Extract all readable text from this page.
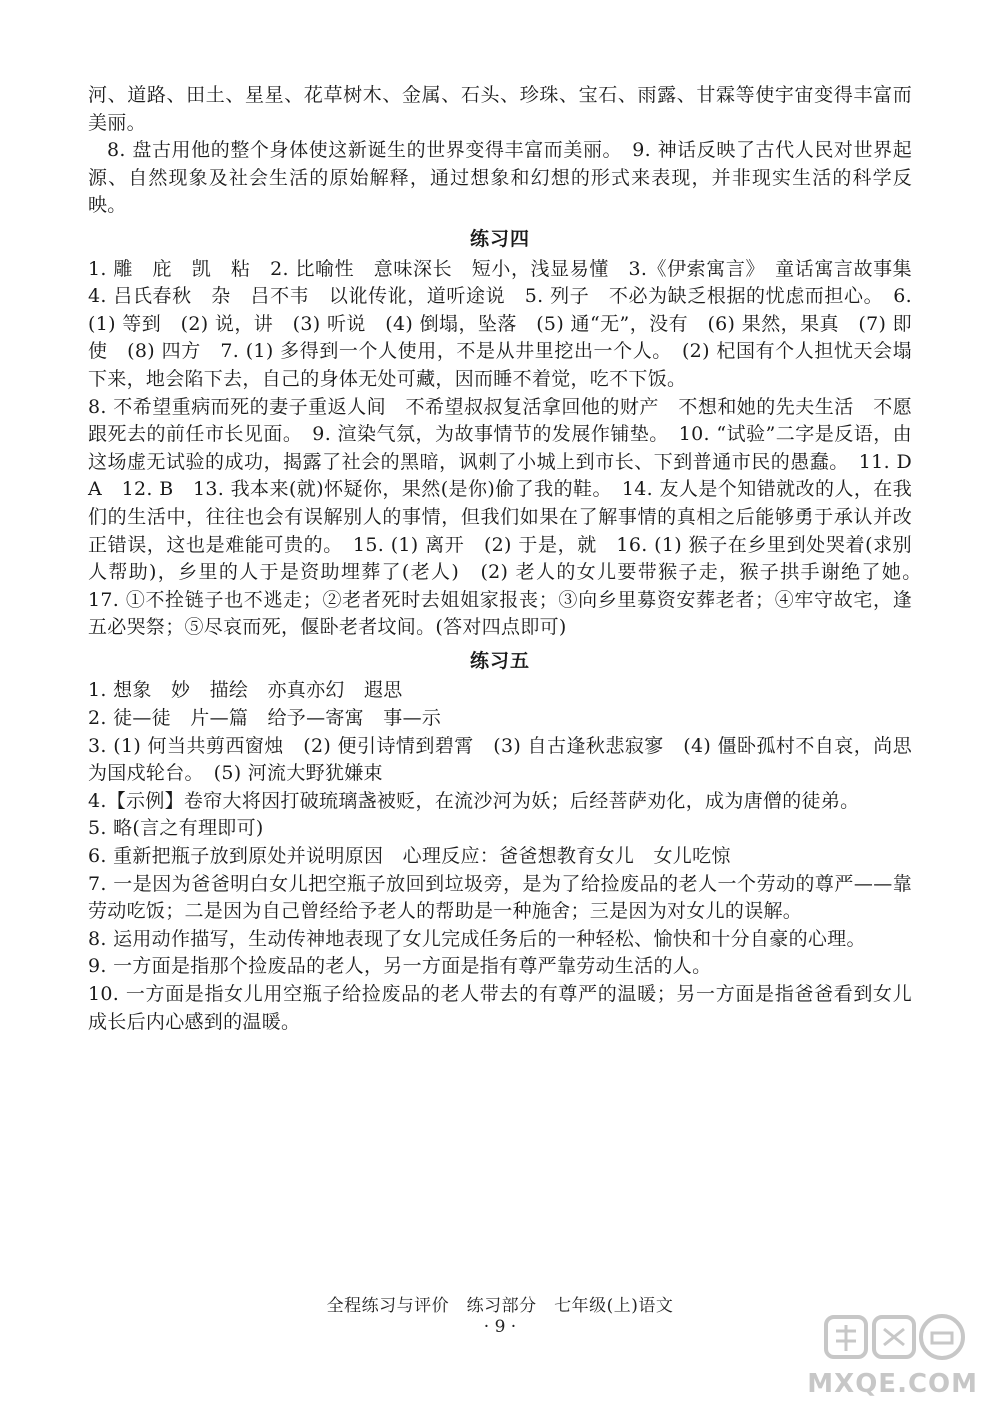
河、道路、田土、星星、花草树木、金属、石头、珍珠、宝石、雨露、甘霖等使宇宙变得丰富而美丽。

8. 盘古用他的整个身体使这新诞生的世界变得丰富而美丽。　9. 神话反映了古代人民对世界起源、自然现象及社会生活的原始解释，通过想象和幻想的形式来表现，并非现实生活的科学反映。

练习四

1. 雕　庇　凯　粘　2. 比喻性　意味深长　短小，浅显易懂　3.《伊索寓言》　童话寓言故事集　4. 吕氏春秋　杂　吕不韦　以讹传讹，道听途说　5. 列子　不必为缺乏根据的忧虑而担心。　6. (1) 等到　(2) 说，讲　(3) 听说　(4) 倒塌，坠落　(5) 通“无”，没有　(6) 果然，果真　(7) 即使　(8) 四方　7. (1) 多得到一个人使用，不是从井里挖出一个人。　(2) 杞国有个人担忧天会塌下来，地会陷下去，自己的身体无处可藏，因而睡不着觉，吃不下饭。

8. 不希望重病而死的妻子重返人间　不希望叔叔复活拿回他的财产　不想和她的先夫生活　不愿跟死去的前任市长见面。　9. 渲染气氛，为故事情节的发展作铺垫。　10. “试验”二字是反语，由这场虚无试验的成功，揭露了社会的黑暗，讽刺了小城上到市长、下到普通市民的愚蠢。　11. D　A　12. B　13. 我本来(就)怀疑你，果然(是你)偷了我的鞋。　14. 友人是个知错就改的人，在我们的生活中，往往也会有误解别人的事情，但我们如果在了解事情的真相之后能够勇于承认并改正错误，这也是难能可贵的。　15. (1) 离开　(2) 于是，就　16. (1) 猴子在乡里到处哭着(求别人帮助)，乡里的人于是资助埋葬了(老人)　(2) 老人的女儿要带猴子走，猴子拱手谢绝了她。　17. ①不拴链子也不逃走；②老者死时去姐姐家报丧；③向乡里募资安葬老者；④牢守故宅，逢五必哭祭；⑤尽哀而死，偃卧老者坟间。(答对四点即可)

练习五

1. 想象　妙　描绘　亦真亦幻　遐思

2. 徒—徒　片—篇　给予—寄寓　事—示

3. (1) 何当共剪西窗烛　(2) 便引诗情到碧霄　(3) 自古逢秋悲寂寥　(4) 僵卧孤村不自哀，尚思为国戍轮台。　(5) 河流大野犹嫌束

4.【示例】卷帘大将因打破琉璃盏被贬，在流沙河为妖；后经菩萨劝化，成为唐僧的徒弟。

5. 略(言之有理即可)

6. 重新把瓶子放到原处并说明原因　心理反应：爸爸想教育女儿　女儿吃惊

7. 一是因为爸爸明白女儿把空瓶子放回到垃圾旁，是为了给捡废品的老人一个劳动的尊严——靠劳动吃饭；二是因为自己曾经给予老人的帮助是一种施舍；三是因为对女儿的误解。

8. 运用动作描写，生动传神地表现了女儿完成任务后的一种轻松、愉快和十分自豪的心理。

9. 一方面是指那个捡废品的老人，另一方面是指有尊严靠劳动生活的人。

10. 一方面是指女儿用空瓶子给捡废品的老人带去的有尊严的温暖；另一方面是指爸爸看到女儿成长后内心感到的温暖。

全程练习与评价　练习部分　七年级(上)语文
· 9 ·
MXQE.COM
